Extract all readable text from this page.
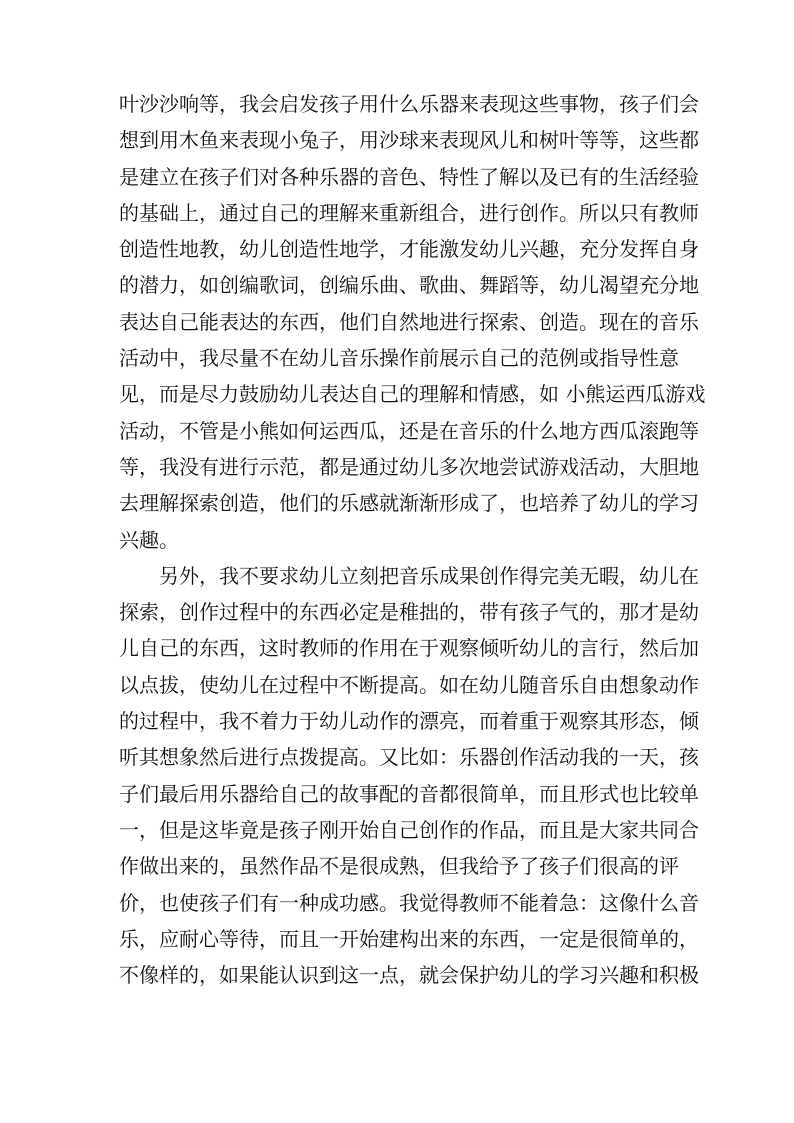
叶沙沙响等，我会启发孩子用什么乐器来表现这些事物，孩子们会
想到用木鱼来表现小兔子，用沙球来表现风儿和树叶等等，这些都
是建立在孩子们对各种乐器的音色、特性了解以及已有的生活经验
的基础上，通过自己的理解来重新组合，进行创作。所以只有教师
创造性地教，幼儿创造性地学，才能激发幼儿兴趣，充分发挥自身
的潜力，如创编歌词，创编乐曲、歌曲、舞蹈等，幼儿渴望充分地
表达自己能表达的东西，他们自然地进行探索、创造。现在的音乐
活动中，我尽量不在幼儿音乐操作前展示自己的范例或指导性意
见，而是尽力鼓励幼儿表达自己的理解和情感，如 小熊运西瓜游戏
活动，不管是小熊如何运西瓜，还是在音乐的什么地方西瓜滚跑等
等，我没有进行示范，都是通过幼儿多次地尝试游戏活动，大胆地
去理解探索创造，他们的乐感就渐渐形成了，也培养了幼儿的学习
兴趣。
另外，我不要求幼儿立刻把音乐成果创作得完美无暇，幼儿在
探索，创作过程中的东西必定是稚拙的，带有孩子气的，那才是幼
儿自己的东西，这时教师的作用在于观察倾听幼儿的言行，然后加
以点拔，使幼儿在过程中不断提高。如在幼儿随音乐自由想象动作
的过程中，我不着力于幼儿动作的漂亮，而着重于观察其形态，倾
听其想象然后进行点拨提高。又比如：乐器创作活动我的一天，孩
子们最后用乐器给自己的故事配的音都很简单，而且形式也比较单
一，但是这毕竟是孩子刚开始自己创作的作品，而且是大家共同合
作做出来的，虽然作品不是很成熟，但我给予了孩子们很高的评
价，也使孩子们有一种成功感。我觉得教师不能着急：这像什么音
乐，应耐心等待，而且一开始建构出来的东西，一定是很简单的，
不像样的，如果能认识到这一点，就会保护幼儿的学习兴趣和积极
